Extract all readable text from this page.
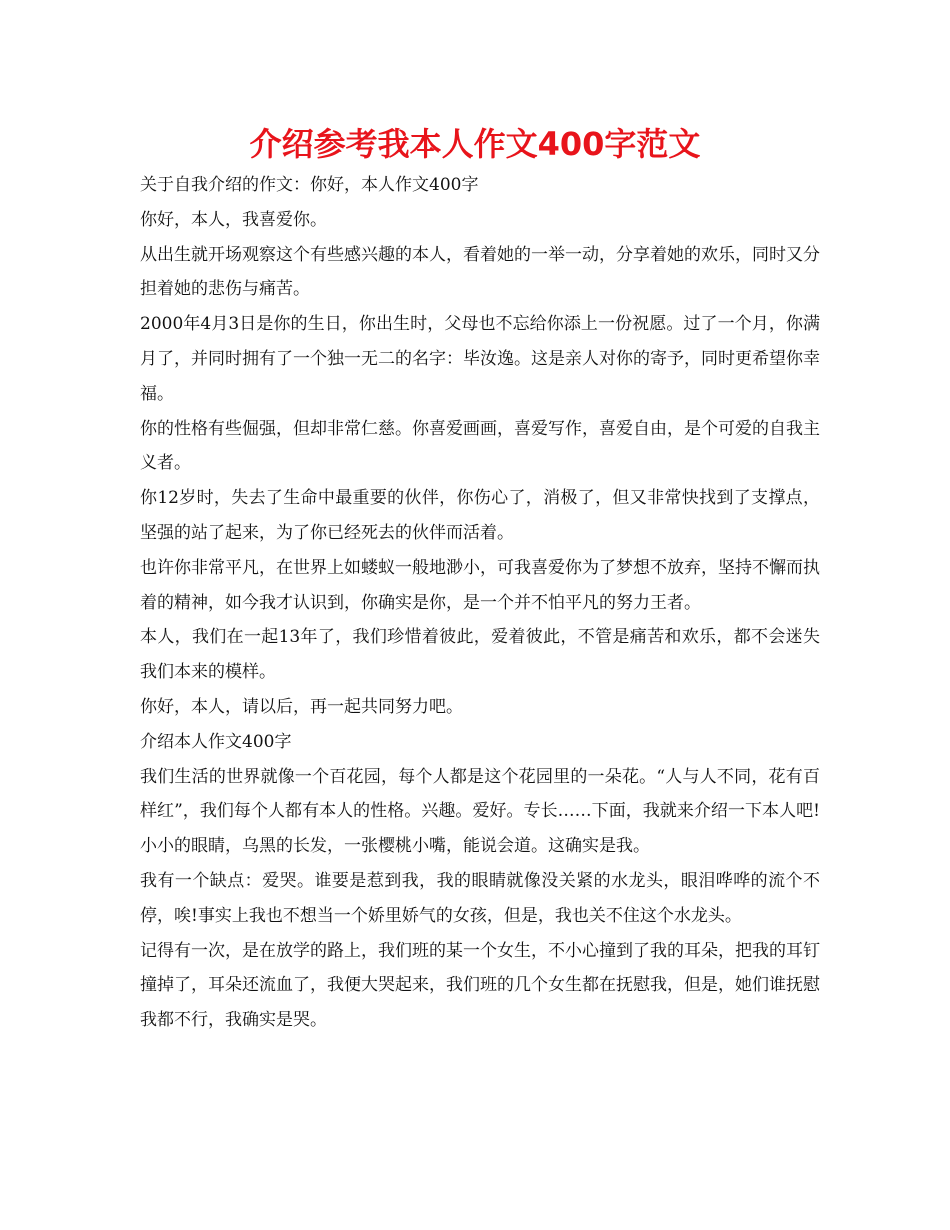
介绍参考我本人作文400字范文

关于自我介绍的作文：你好，本人作文400字

你好，本人，我喜爱你。

从出生就开场观察这个有些感兴趣的本人，看着她的一举一动，分享着她的欢乐，同时又分担着她的悲伤与痛苦。

2000年4月3日是你的生日，你出生时，父母也不忘给你添上一份祝愿。过了一个月，你满月了，并同时拥有了一个独一无二的名字：毕汝逸。这是亲人对你的寄予，同时更希望你幸福。

你的性格有些倔强，但却非常仁慈。你喜爱画画，喜爱写作，喜爱自由，是个可爱的自我主义者。

你12岁时，失去了生命中最重要的伙伴，你伤心了，消极了，但又非常快找到了支撑点，坚强的站了起来，为了你已经死去的伙伴而活着。

也许你非常平凡，在世界上如蝼蚁一般地渺小，可我喜爱你为了梦想不放弃，坚持不懈而执着的精神，如今我才认识到，你确实是你，是一个并不怕平凡的努力王者。

本人，我们在一起13年了，我们珍惜着彼此，爱着彼此，不管是痛苦和欢乐，都不会迷失我们本来的模样。

你好，本人，请以后，再一起共同努力吧。

介绍本人作文400字

我们生活的世界就像一个百花园，每个人都是这个花园里的一朵花。“人与人不同，花有百样红”，我们每个人都有本人的性格。兴趣。爱好。专长……下面，我就来介绍一下本人吧!小小的眼睛，乌黑的长发，一张樱桃小嘴，能说会道。这确实是我。

我有一个缺点：爱哭。谁要是惹到我，我的眼睛就像没关紧的水龙头，眼泪哗哗的流个不停，唉!事实上我也不想当一个娇里娇气的女孩，但是，我也关不住这个水龙头。

记得有一次，是在放学的路上，我们班的某一个女生，不小心撞到了我的耳朵，把我的耳钉撞掉了，耳朵还流血了，我便大哭起来，我们班的几个女生都在抚慰我，但是，她们谁抚慰我都不行，我确实是哭。
